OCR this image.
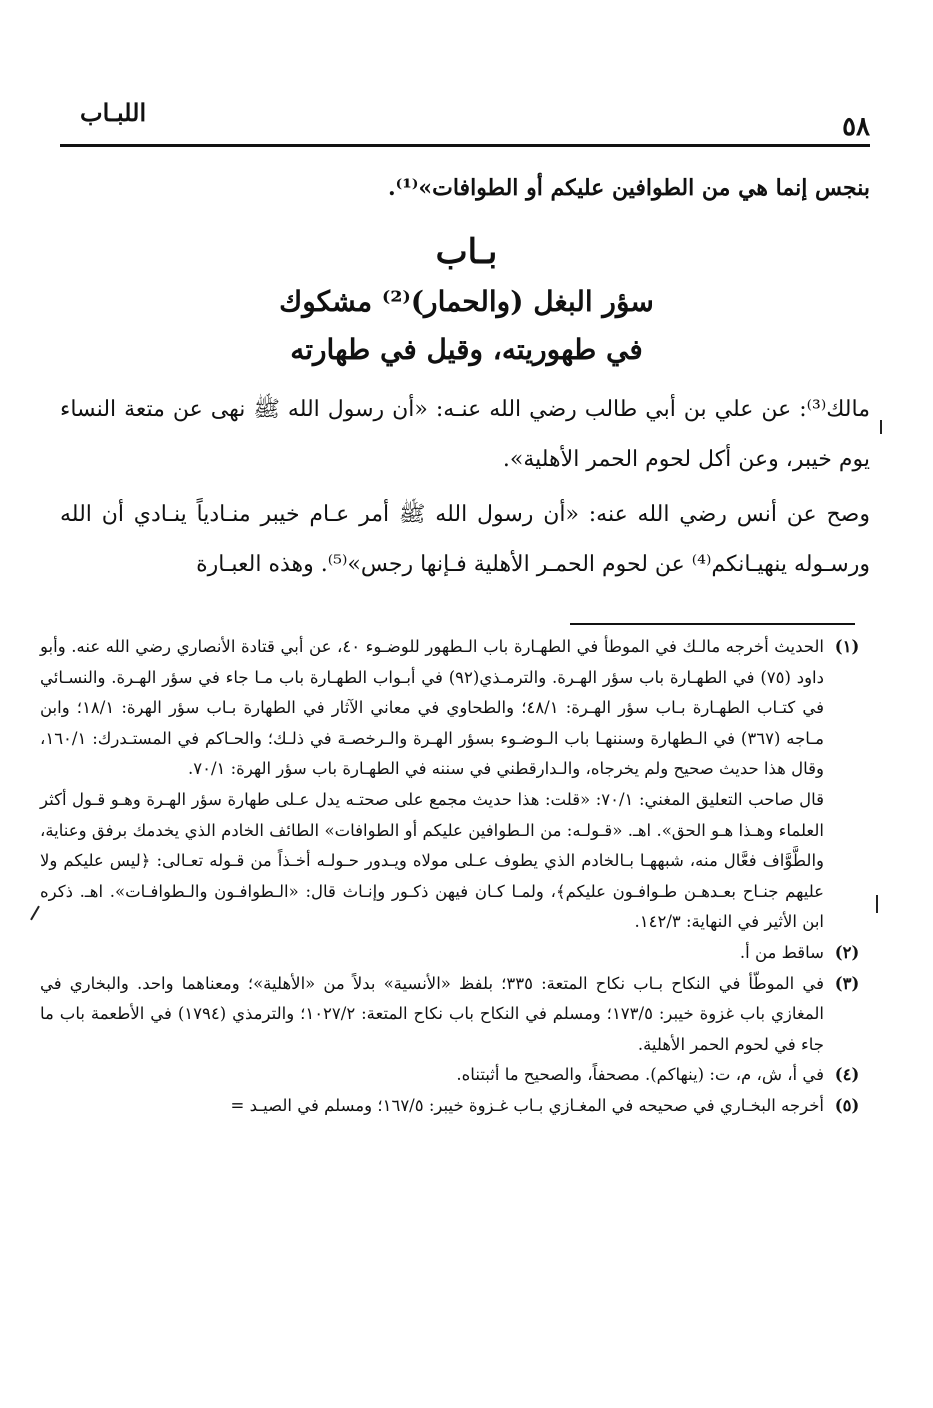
اللبـاب	٥٨
بنجس إنما هي من الطوافين عليكم أو الطوافات»⁽¹⁾.
بـاب
سؤر البغل (والحمار)⁽²⁾ مشكوك
في طهوريته، وقيل في طهارته

مالك⁽³⁾: عن علي بن أبي طالب رضي الله عنـه: «أن رسول الله ﷺ نهى عن متعة النساء يوم خيبر، وعن أكل لحوم الحمر الأهلية».

وصح عن أنس رضي الله عنه: «أن رسول الله ﷺ أمر عـام خيبر منـادياً ينـادي أن الله ورسـوله ينهيـانكم⁽⁴⁾ عن لحوم الحمـر الأهلية فـإنها رجس»⁽⁵⁾. وهذه العبـارة

(١)
الحديث أخرجه مالـك في الموطأ في الطهـارة باب الـطهور للوضـوء ٤٠، عن أبي قتادة الأنصاري رضي الله عنه. وأبو داود (٧٥) في الطهـارة باب سؤر الهـرة. والترمـذي(٩٢) في أبـواب الطهـارة باب مـا جاء في سؤر الهـرة. والنسـائي في كتـاب الطهـارة بـاب سؤر الهـرة: ٤٨/١؛ والطحاوي في معاني الآثار في الطهارة بـاب سؤر الهرة: ١٨/١؛ وابن مـاجه (٣٦٧) في الـطهارة وسننهـا باب الـوضـوء بسؤر الهـرة والـرخصـة في ذلـك؛ والحـاكم في المستـدرك: ١٦٠/١، وقال هذا حديث صحيح ولم يخرجاه، والـدارقطني في سننه في الطهـارة باب سؤر الهرة: ٧٠/١.
قال صاحب التعليق المغني: ٧٠/١: «قلت: هذا حديث مجمع على صحتـه يدل عـلى طهارة سؤر الهـرة وهـو قـول أكثر العلماء وهـذا هـو الحق». اهـ. «قـولـه: من الـطوافين عليكم أو الطوافات» الطائف الخادم الذي يخدمك برفق وعناية، والطَّوَّاف فعَّال منه، شبههـا بـالخادم الذي يطوف عـلى مولاه ويـدور حـولـه أخـذاً من قـوله تعـالى: ﴿ليس عليكم ولا عليهم جنـاح بعـدهـن طـوافـون عليكم﴾، ولمـا كـان فيهن ذكـور وإنـاث قال: «الـطوافـون والـطوافـات». اهـ. ذكره ابن الأثير في النهاية: ١٤٢/٣.
(٢)
ساقط من أ.
(٣)
في الموطّأ في النكاح بـاب نكاح المتعة: ٣٣٥؛ بلفظ «الأنسية» بدلاً من «الأهلية»؛ ومعناهما واحد. والبخاري في المغازي باب غزوة خيبر: ١٧٣/٥؛ ومسلم في النكاح باب نكاح المتعة: ١٠٢٧/٢؛ والترمذي (١٧٩٤) في الأطعمة باب ما جاء في لحوم الحمر الأهلية.
(٤)
في أ، ش، م، ت: (ينهاكم). مصحفاً، والصحيح ما أثبتناه.
(٥)
أخرجه البخـاري في صحيحه في المغـازي بـاب غـزوة خيبر: ١٦٧/٥؛ ومسلم في الصيـد =
